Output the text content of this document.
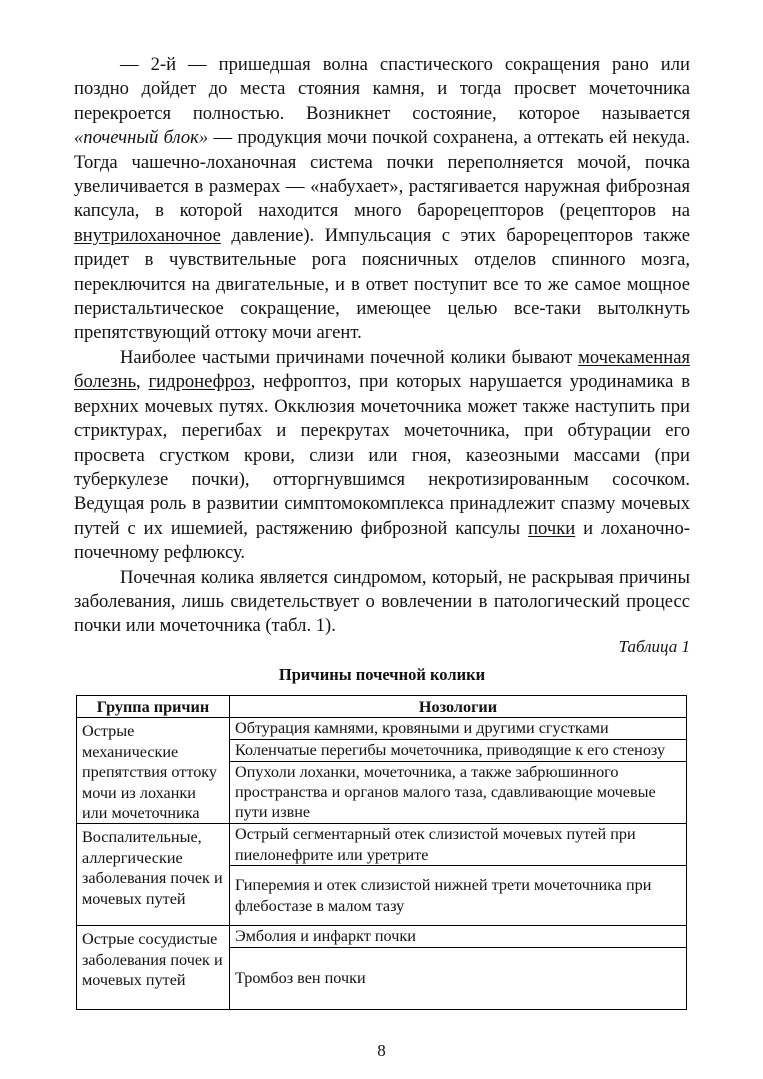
— 2-й — пришедшая волна спастического сокращения рано или поздно дойдет до места стояния камня, и тогда просвет мочеточника перекроется полностью. Возникнет состояние, которое называется «почечный блок» — продукция мочи почкой сохранена, а оттекать ей некуда. Тогда чашечно-лоханочная система почки переполняется мочой, почка увеличивается в размерах — «набухает», растягивается наружная фиброзная капсула, в которой находится много барорецепторов (рецепторов на внутрилоханочное давление). Импульсация с этих барорецепторов также придет в чувствительные рога поясничных отделов спинного мозга, переключится на двигательные, и в ответ поступит все то же самое мощное перистальтическое сокращение, имеющее целью все-таки вытолкнуть препятствующий оттоку мочи агент.

Наиболее частыми причинами почечной колики бывают мочекаменная болезнь, гидронефроз, нефроптоз, при которых нарушается уродинамика в верхних мочевых путях. Окклюзия мочеточника может также наступить при стриктурах, перегибах и перекрутах мочеточника, при обтурации его просвета сгустком крови, слизи или гноя, казеозными массами (при туберкулезе почки), отторгнувшимся некротизированным сосочком. Ведущая роль в развитии симптомокомплекса принадлежит спазму мочевых путей с их ишемией, растяжению фиброзной капсулы почки и лоханочно-почечному рефлюксу.

Почечная колика является синдромом, который, не раскрывая причины заболевания, лишь свидетельствует о вовлечении в патологический процесс почки или мочеточника (табл. 1).

Таблица 1
Причины почечной колики
Группа причин	Нозологии
Острые механические препятствия оттоку мочи из лоханки или мочеточника	Обтурация камнями, кровяными и другими сгустками
	Коленчатые перегибы мочеточника, приводящие к его стенозу
	Опухоли лоханки, мочеточника, а также забрюшинного пространства и органов малого таза, сдавливающие мочевые пути извне
Воспалительные, аллергические заболевания почек и мочевых путей	Острый сегментарный отек слизистой мочевых путей при пиелонефрите или уретрите
	Гиперемия и отек слизистой нижней трети мочеточника при флебостазе в малом тазу
Острые сосудистые заболевания почек и мочевых путей	Эмболия и инфаркт почки
	Тромбоз вен почки
8
